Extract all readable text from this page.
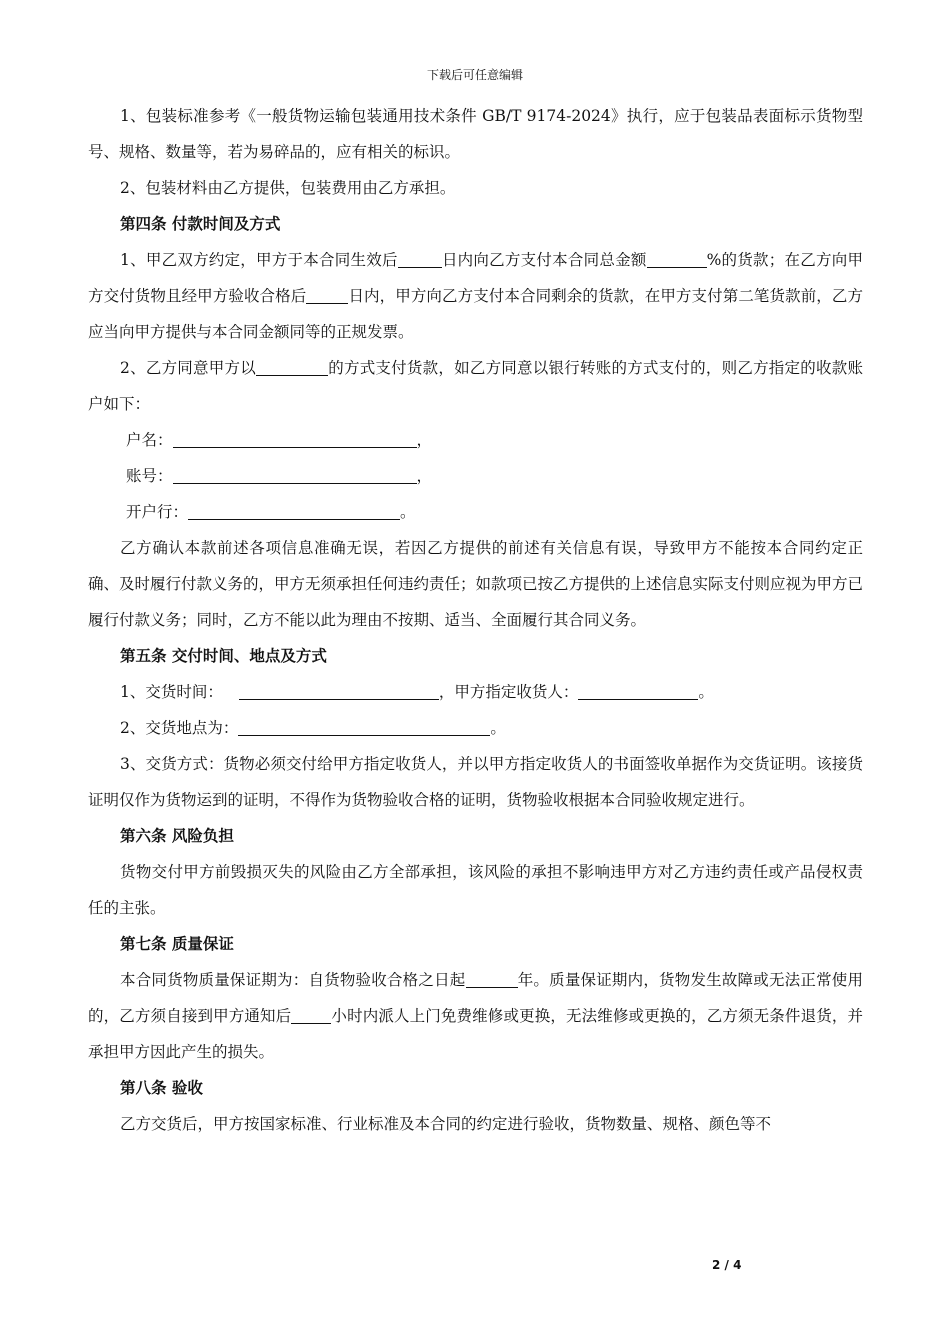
下载后可任意编辑

1、包装标准参考《一般货物运输包装通用技术条件 GB/T 9174-2024》执行，应于包装品表面标示货物型号、规格、数量等，若为易碎品的，应有相关的标识。

2、包装材料由乙方提供，包装费用由乙方承担。

第四条 付款时间及方式

1、甲乙双方约定，甲方于本合同生效后	日内向乙方支付本合同总金额	%的货款；在乙方向甲方交付货物且经甲方验收合格后	日内，甲方向乙方支付本合同剩余的货款，在甲方支付第二笔货款前，乙方应当向甲方提供与本合同金额同等的正规发票。

2、乙方同意甲方以	的方式支付货款，如乙方同意以银行转账的方式支付的，则乙方指定的收款账户如下：

户名：	，

账号：	，

开户行：	。

乙方确认本款前述各项信息准确无误，若因乙方提供的前述有关信息有误，导致甲方不能按本合同约定正确、及时履行付款义务的，甲方无须承担任何违约责任；如款项已按乙方提供的上述信息实际支付则应视为甲方已履行付款义务；同时，乙方不能以此为理由不按期、适当、全面履行其合同义务。

第五条 交付时间、地点及方式

1、交货时间：	，甲方指定收货人：	。

2、交货地点为：	。

3、交货方式：货物必须交付给甲方指定收货人，并以甲方指定收货人的书面签收单据作为交货证明。该接货证明仅作为货物运到的证明，不得作为货物验收合格的证明，货物验收根据本合同验收规定进行。

第六条 风险负担

货物交付甲方前毁损灭失的风险由乙方全部承担，该风险的承担不影响违甲方对乙方违约责任或产品侵权责任的主张。

第七条 质量保证

本合同货物质量保证期为：自货物验收合格之日起	年。质量保证期内，货物发生故障或无法正常使用的，乙方须自接到甲方通知后	小时内派人上门免费维修或更换，无法维修或更换的，乙方须无条件退货，并承担甲方因此产生的损失。

第八条 验收

乙方交货后，甲方按国家标准、行业标准及本合同的约定进行验收，货物数量、规格、颜色等不

2 / 4
